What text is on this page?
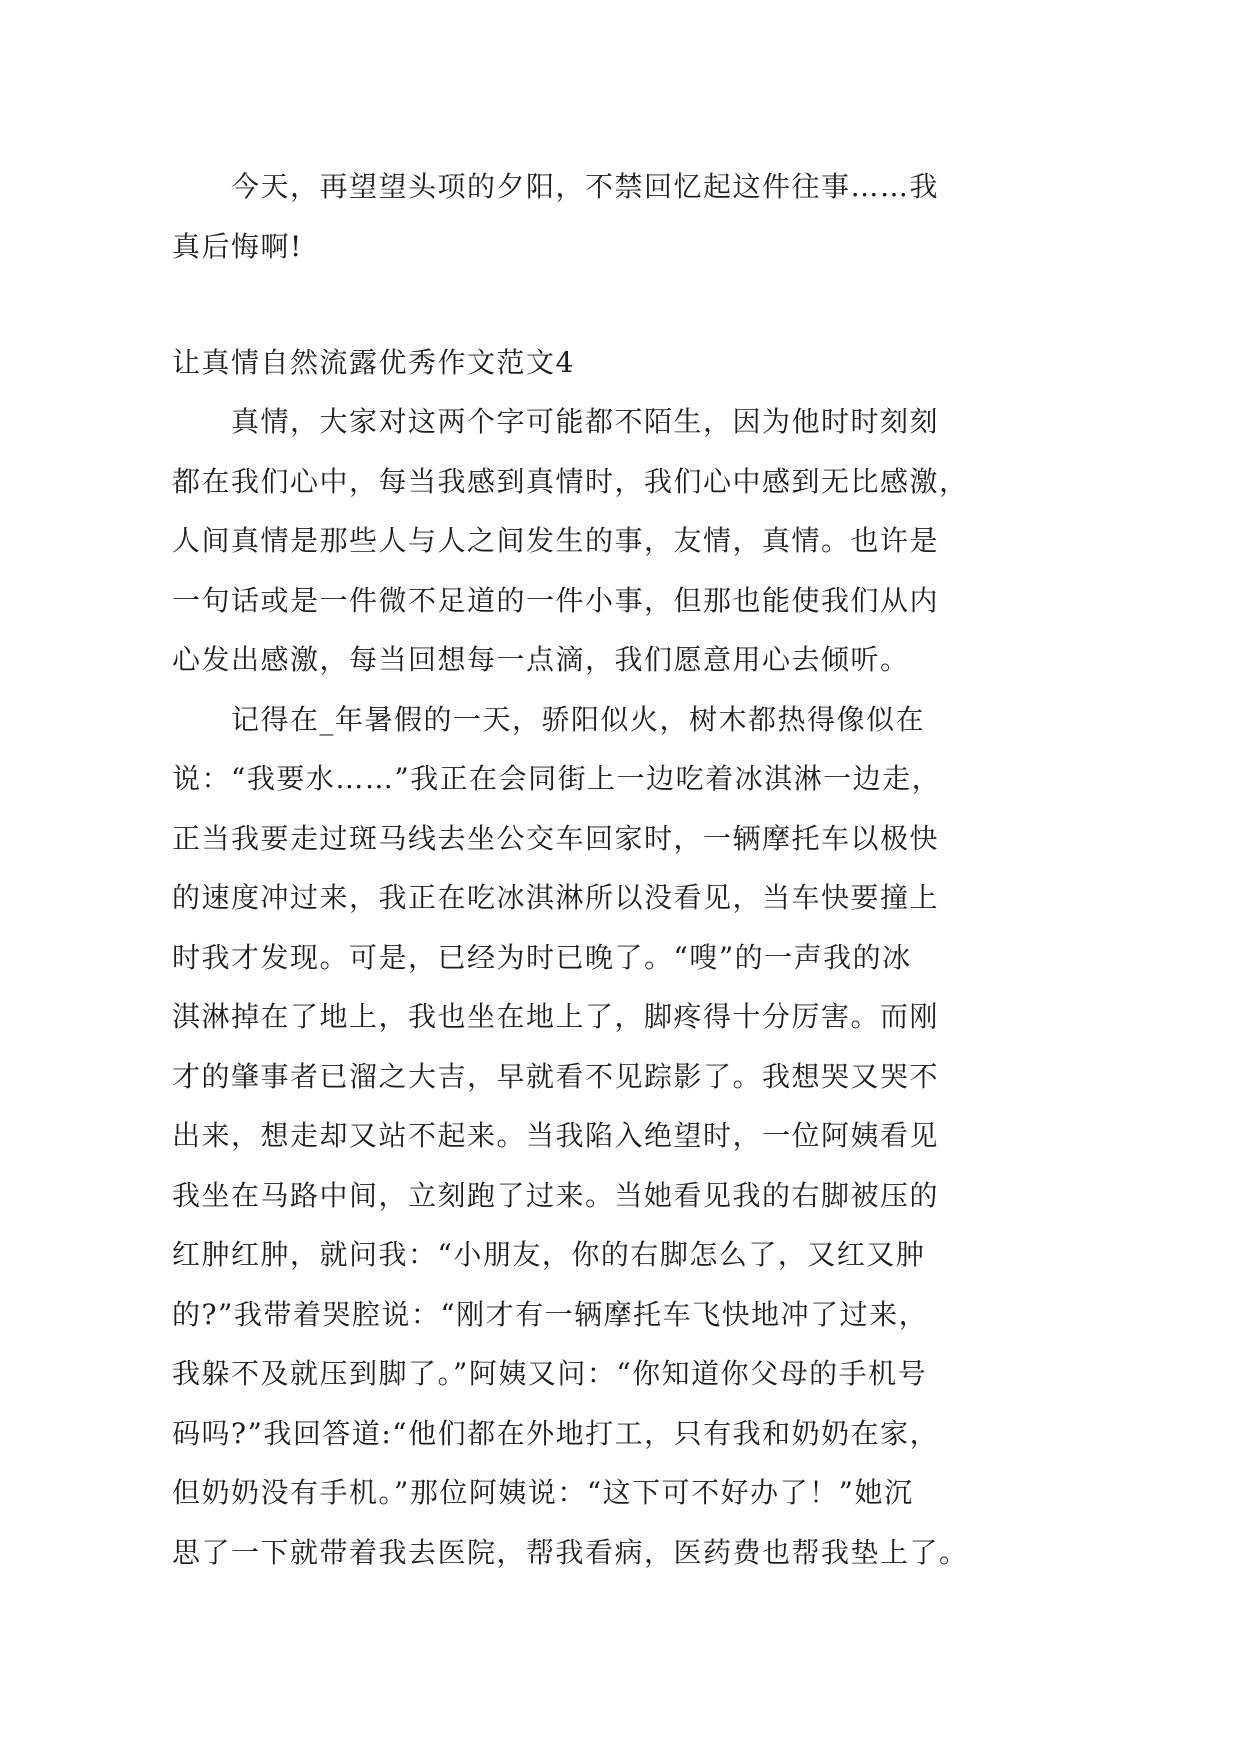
今天，再望望头项的夕阳，不禁回忆起这件往事……我
真后悔啊!
让真情自然流露优秀作文范文4
真情，大家对这两个字可能都不陌生，因为他时时刻刻
都在我们心中，每当我感到真情时，我们心中感到无比感激，
人间真情是那些人与人之间发生的事，友情，真情。也许是
一句话或是一件微不足道的一件小事，但那也能使我们从内
心发出感激，每当回想每一点滴，我们愿意用心去倾听。
记得在_年暑假的一天，骄阳似火，树木都热得像似在
说：“我要水……”我正在会同街上一边吃着冰淇淋一边走，
正当我要走过斑马线去坐公交车回家时，一辆摩托车以极快
的速度冲过来，我正在吃冰淇淋所以没看见，当车快要撞上
时我才发现。可是，已经为时已晚了。“嗖”的一声我的冰
淇淋掉在了地上，我也坐在地上了，脚疼得十分厉害。而刚
才的肇事者已溜之大吉，早就看不见踪影了。我想哭又哭不
出来，想走却又站不起来。当我陷入绝望时，一位阿姨看见
我坐在马路中间，立刻跑了过来。当她看见我的右脚被压的
红肿红肿，就问我：“小朋友，你的右脚怎么了，又红又肿
的?”我带着哭腔说：“刚才有一辆摩托车飞快地冲了过来，
我躲不及就压到脚了。”阿姨又问：“你知道你父母的手机号
码吗?”我回答道:“他们都在外地打工，只有我和奶奶在家，
但奶奶没有手机。”那位阿姨说：“这下可不好办了！”她沉
思了一下就带着我去医院，帮我看病，医药费也帮我垫上了。
